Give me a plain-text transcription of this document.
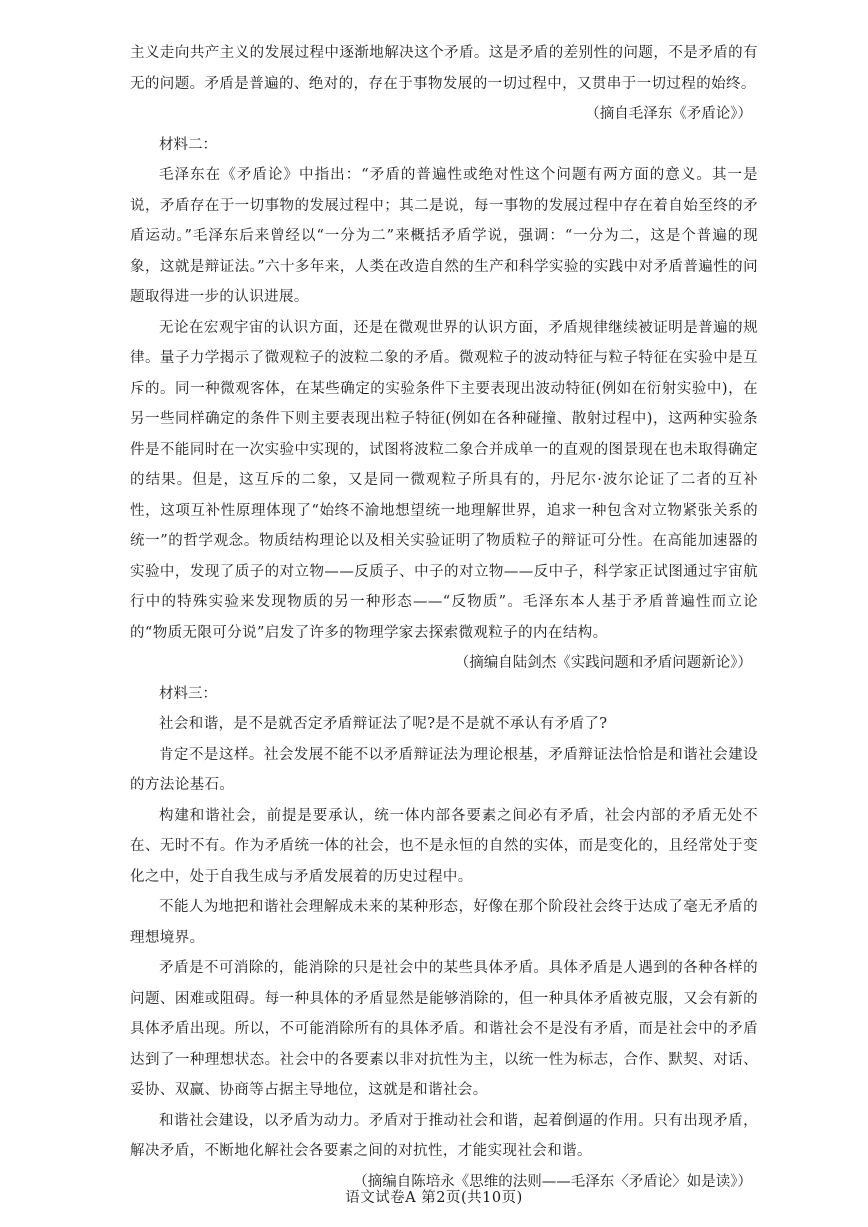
主义走向共产主义的发展过程中逐渐地解决这个矛盾。这是矛盾的差别性的问题，不是矛盾的有无的问题。矛盾是普遍的、绝对的，存在于事物发展的一切过程中，又贯串于一切过程的始终。

（摘自毛泽东《矛盾论》）

材料二：

毛泽东在《矛盾论》中指出：“矛盾的普遍性或绝对性这个问题有两方面的意义。其一是说，矛盾存在于一切事物的发展过程中；其二是说，每一事物的发展过程中存在着自始至终的矛盾运动。”毛泽东后来曾经以“一分为二”来概括矛盾学说，强调：“一分为二，这是个普遍的现象，这就是辩证法。”六十多年来，人类在改造自然的生产和科学实验的实践中对矛盾普遍性的问题取得进一步的认识进展。

无论在宏观宇宙的认识方面，还是在微观世界的认识方面，矛盾规律继续被证明是普遍的规律。量子力学揭示了微观粒子的波粒二象的矛盾。微观粒子的波动特征与粒子特征在实验中是互斥的。同一种微观客体，在某些确定的实验条件下主要表现出波动特征(例如在衍射实验中)，在另一些同样确定的条件下则主要表现出粒子特征(例如在各种碰撞、散射过程中)，这两种实验条件是不能同时在一次实验中实现的，试图将波粒二象合并成单一的直观的图景现在也未取得确定的结果。但是，这互斥的二象，又是同一微观粒子所具有的，丹尼尔·波尔论证了二者的互补性，这项互补性原理体现了“始终不渝地想望统一地理解世界，追求一种包含对立物紧张关系的统一”的哲学观念。物质结构理论以及相关实验证明了物质粒子的辩证可分性。在高能加速器的实验中，发现了质子的对立物——反质子、中子的对立物——反中子，科学家正试图通过宇宙航行中的特殊实验来发现物质的另一种形态——“反物质”。毛泽东本人基于矛盾普遍性而立论的“物质无限可分说”启发了许多的物理学家去探索微观粒子的内在结构。

（摘编自陆剑杰《实践问题和矛盾问题新论》）

材料三：

社会和谐，是不是就否定矛盾辩证法了呢?是不是就不承认有矛盾了?

肯定不是这样。社会发展不能不以矛盾辩证法为理论根基，矛盾辩证法恰恰是和谐社会建设的方法论基石。

构建和谐社会，前提是要承认，统一体内部各要素之间必有矛盾，社会内部的矛盾无处不在、无时不有。作为矛盾统一体的社会，也不是永恒的自然的实体，而是变化的，且经常处于变化之中，处于自我生成与矛盾发展着的历史过程中。

不能人为地把和谐社会理解成未来的某种形态，好像在那个阶段社会终于达成了毫无矛盾的理想境界。

矛盾是不可消除的，能消除的只是社会中的某些具体矛盾。具体矛盾是人遇到的各种各样的问题、困难或阻碍。每一种具体的矛盾显然是能够消除的，但一种具体矛盾被克服，又会有新的具体矛盾出现。所以，不可能消除所有的具体矛盾。和谐社会不是没有矛盾，而是社会中的矛盾达到了一种理想状态。社会中的各要素以非对抗性为主，以统一性为标志，合作、默契、对话、妥协、双赢、协商等占据主导地位，这就是和谐社会。

和谐社会建设，以矛盾为动力。矛盾对于推动社会和谐，起着倒逼的作用。只有出现矛盾，解决矛盾，不断地化解社会各要素之间的对抗性，才能实现社会和谐。

（摘编自陈培永《思维的法则——毛泽东〈矛盾论〉如是读》）

语文试卷A 第2页(共10页)
